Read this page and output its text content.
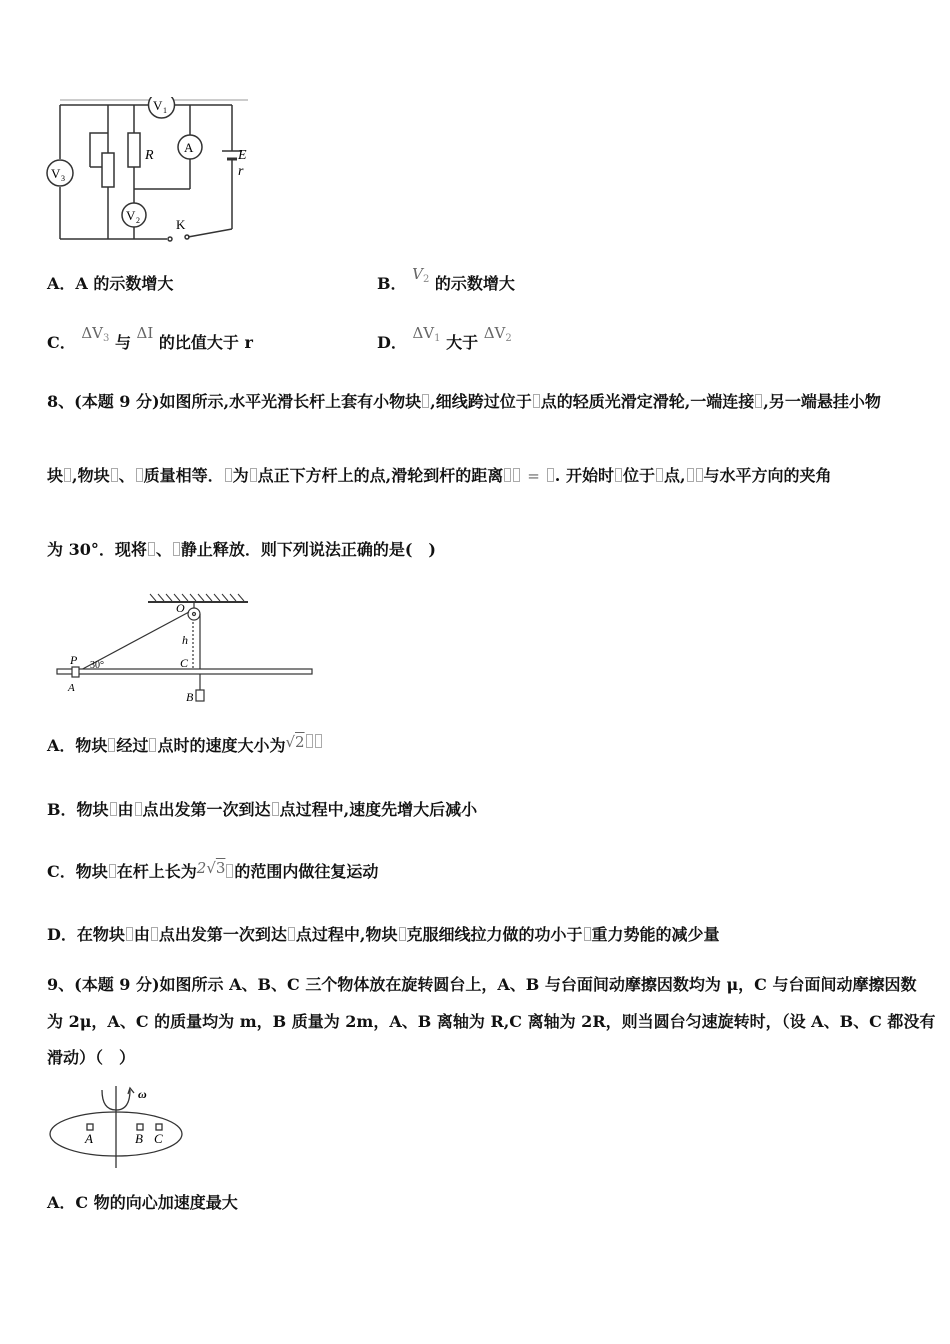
V 1
A
V 3
V 2
R	E
r
K
A．A 的示数增大	B． $V_2$ 的示数增大
C． $\Delta V_3$ 与 ΔI 的比值大于 r	D． $\Delta V_1$ 大于 $\Delta V_2$
8、(本题 9 分)如图所示,水平光滑长杆上套有小物块 ,细线跨过位于 点的轻质光滑定滑轮,一端连接 ,另一端悬挂小物
块 ,物块 、 质量相等． 为 点正下方杆上的点,滑轮到杆的距离 = . 开始时 位于 点, 与水平方向的夹角
为 30°．现将 、 静止释放．则下列说法正确的是(　)
O
h
P 30°	C
A
B
A．物块 经过 点时的速度大小为√2
B．物块 由 点出发第一次到达 点过程中,速度先增大后减小
C．物块 在杆上长为2√3 的范围内做往复运动
D．在物块 由 点出发第一次到达 点过程中,物块 克服细线拉力做的功小于 重力势能的减少量
9、(本题 9 分)如图所示 A、B、C 三个物体放在旋转圆台上，A、B 与台面间动摩擦因数均为 μ，C 与台面间动摩擦因数
为 2μ，A、C 的质量均为 m，B 质量为 2m，A、B 离轴为 R,C 离轴为 2R，则当圆台匀速旋转时，（设 A、B、C 都没有
滑动）（　）
ω
A	B C
A．C 物的向心加速度最大
